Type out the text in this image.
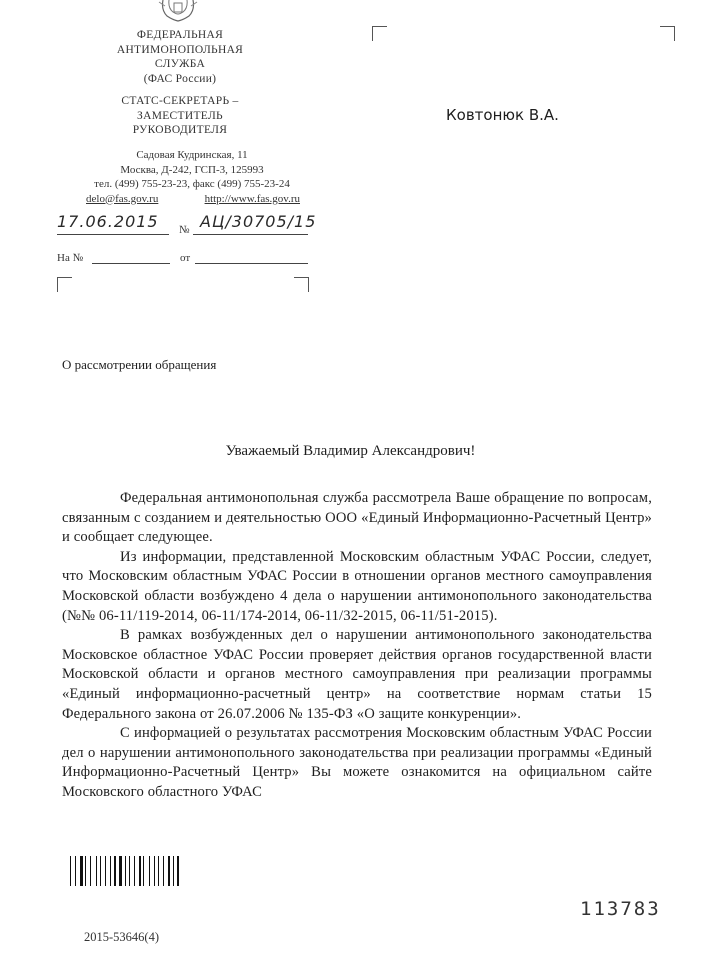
ФЕДЕРАЛЬНАЯ
АНТИМОНОПОЛЬНАЯ
СЛУЖБА
(ФАС России)
СТАТС-СЕКРЕТАРЬ –
ЗАМЕСТИТЕЛЬ
РУКОВОДИТЕЛЯ
Садовая Кудринская, 11
Москва, Д-242, ГСП-3, 125993
тел. (499) 755-23-23, факс (499) 755-23-24
delo@fas.gov.ru	http://www.fas.gov.ru
17.06.2015 № АЦ/30705/15
На №	от
Ковтонюк В.А.
О рассмотрении обращения
Уважаемый Владимир Александрович!

Федеральная антимонопольная служба рассмотрела Ваше обращение по вопросам, связанным с созданием и деятельностью ООО «Единый Информационно-Расчетный Центр» и сообщает следующее.

Из информации, представленной Московским областным УФАС России, следует, что Московским областным УФАС России в отношении органов местного самоуправления Московской области возбуждено 4 дела о нарушении антимонопольного законодательства (№№ 06-11/119-2014, 06-11/174-2014, 06-11/32-2015, 06-11/51-2015).

В рамках возбужденных дел о нарушении антимонопольного законодательства Московское областное УФАС России проверяет действия органов государственной власти Московской области и органов местного самоуправления при реализации программы «Единый информационно-расчетный центр» на соответствие нормам статьи 15 Федерального закона от 26.07.2006 № 135-ФЗ «О защите конкуренции».

С информацией о результатах рассмотрения Московским областным УФАС России дел о нарушении антимонопольного законодательства при реализации программы «Единый Информационно-Расчетный Центр» Вы можете ознакомится на официальном сайте Московского областного УФАС

113783
2015-53646(4)
